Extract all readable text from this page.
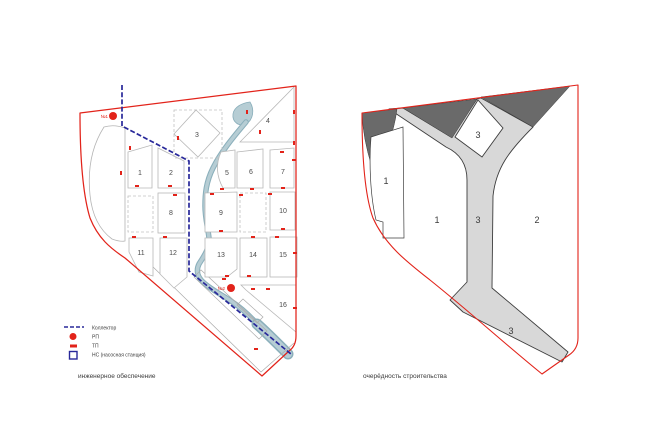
1	2
3
4
5	6	7
8	9	10
11	12	13	14	15
16
№1
№2
Коллектор
РП
ТП
НС (насосная станция)
инженерное обеспечение
1
1	2
3
3
3
очерёдность строительства
